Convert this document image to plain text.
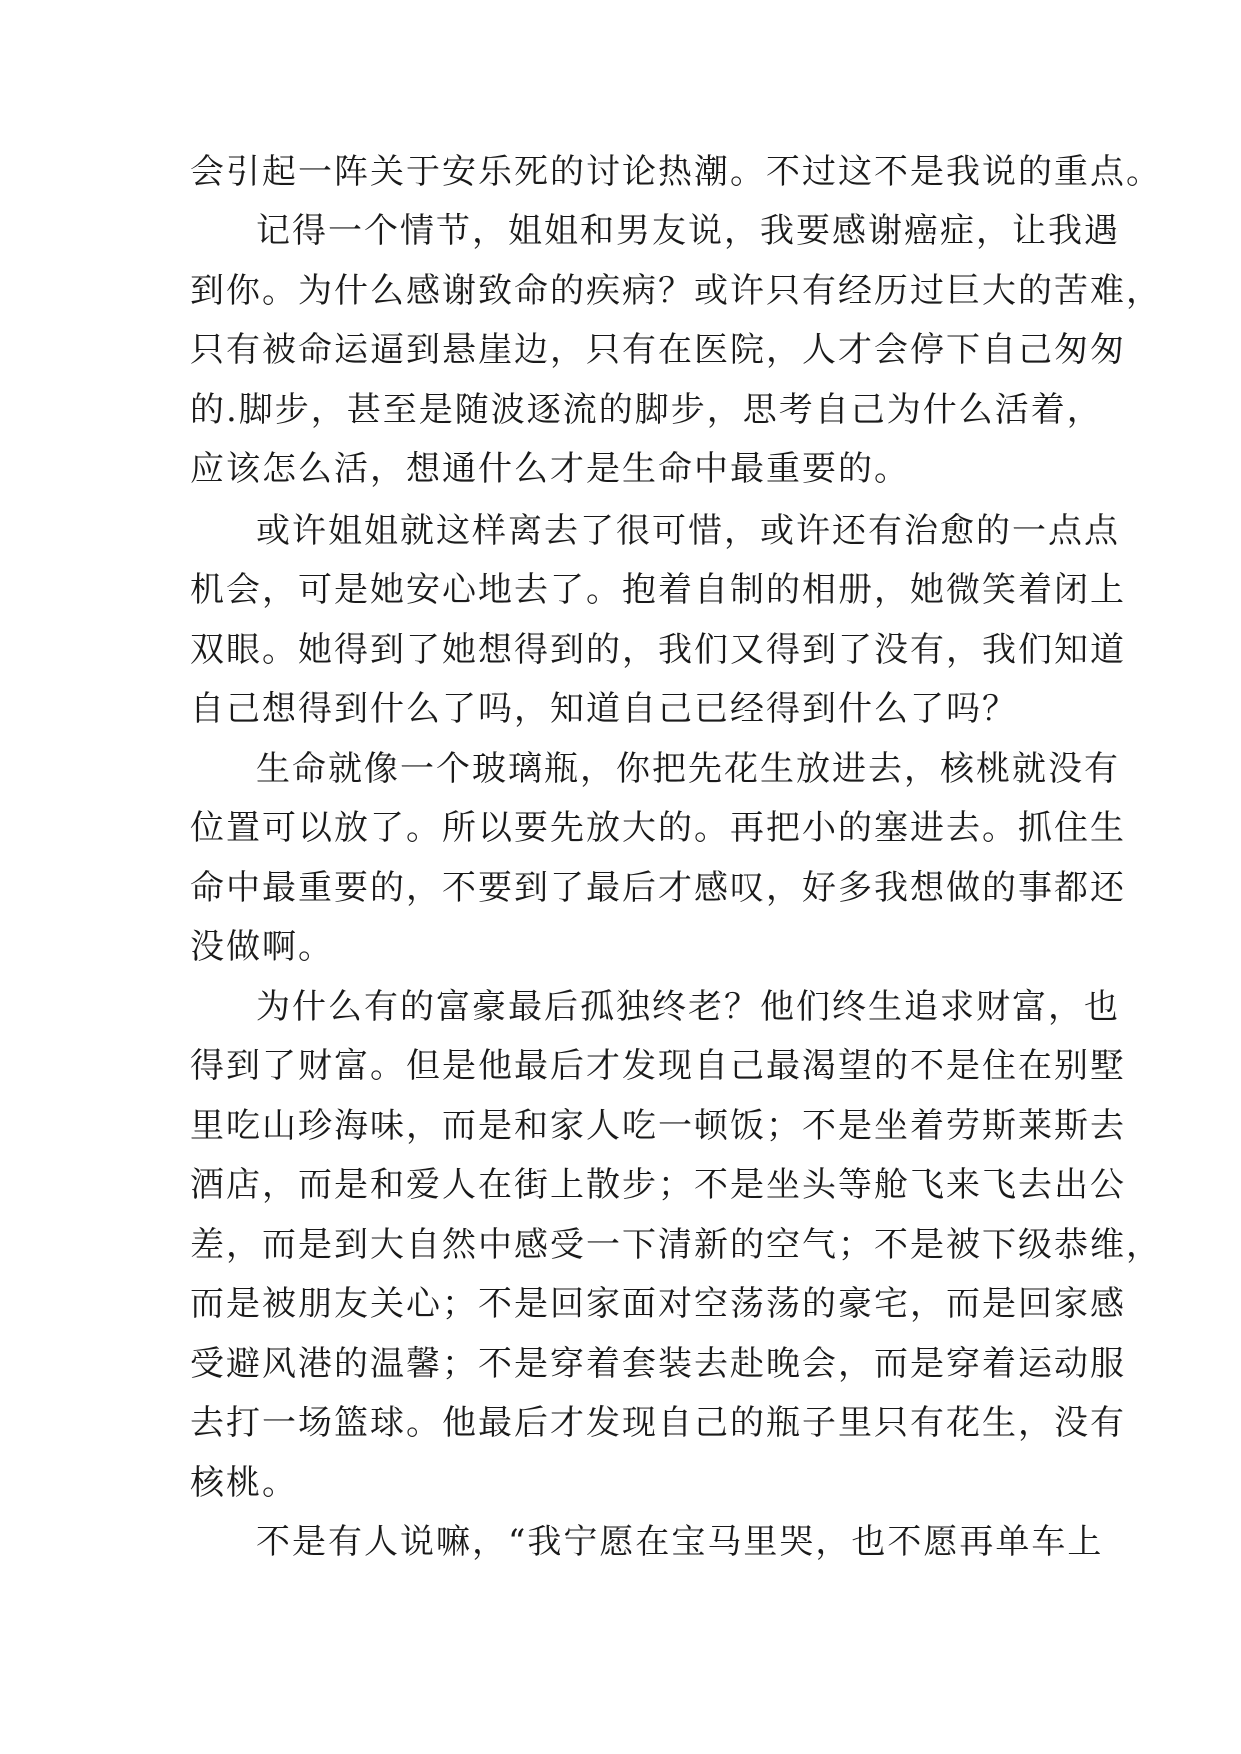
会引起一阵关于安乐死的讨论热潮。不过这不是我说的重点。
记得一个情节，姐姐和男友说，我要感谢癌症，让我遇
到你。为什么感谢致命的疾病？或许只有经历过巨大的苦难，
只有被命运逼到悬崖边，只有在医院，人才会停下自己匆匆
的.脚步，甚至是随波逐流的脚步，思考自己为什么活着，
应该怎么活，想通什么才是生命中最重要的。
或许姐姐就这样离去了很可惜，或许还有治愈的一点点
机会，可是她安心地去了。抱着自制的相册，她微笑着闭上
双眼。她得到了她想得到的，我们又得到了没有，我们知道
自己想得到什么了吗，知道自己已经得到什么了吗？
生命就像一个玻璃瓶，你把先花生放进去，核桃就没有
位置可以放了。所以要先放大的。再把小的塞进去。抓住生
命中最重要的，不要到了最后才感叹，好多我想做的事都还
没做啊。
为什么有的富豪最后孤独终老？他们终生追求财富，也
得到了财富。但是他最后才发现自己最渴望的不是住在别墅
里吃山珍海味，而是和家人吃一顿饭；不是坐着劳斯莱斯去
酒店，而是和爱人在街上散步；不是坐头等舱飞来飞去出公
差，而是到大自然中感受一下清新的空气；不是被下级恭维，
而是被朋友关心；不是回家面对空荡荡的豪宅，而是回家感
受避风港的温馨；不是穿着套装去赴晚会，而是穿着运动服
去打一场篮球。他最后才发现自己的瓶子里只有花生，没有
核桃。
不是有人说嘛，“我宁愿在宝马里哭，也不愿再单车上
